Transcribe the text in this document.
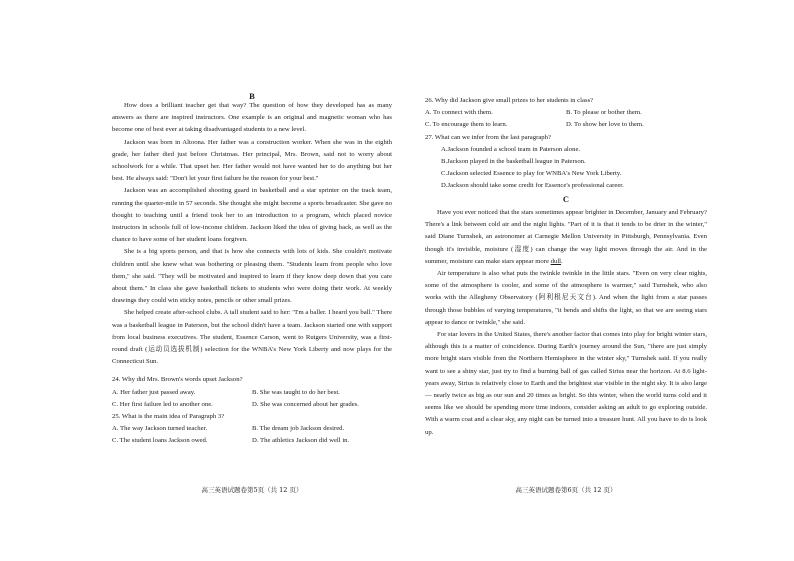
B

How does a brilliant teacher get that way? The question of how they developed has as many answers as there are inspired instructors. One example is an original and magnetic woman who has become one of best ever at taking disadvantaged students to a new level.

Jackson was born in Altoona. Her father was a construction worker. When she was in the eighth grade, her father died just before Christmas. Her principal, Mrs. Brown, said not to worry about schoolwork for a while. That upset her. Her father would not have wanted her to do anything but her best. He always said: "Don't let your first failure be the reason for your best."

Jackson was an accomplished shooting guard in basketball and a star sprinter on the track team, running the quarter-mile in 57 seconds. She thought she might become a sports broadcaster. She gave no thought to teaching until a friend took her to an introduction to a program, which placed novice instructors in schools full of low-income children. Jackson liked the idea of giving back, as well as the chance to have some of her student loans forgiven.

She is a big sports person, and that is how she connects with lots of kids. She couldn't motivate children until she knew what was bothering or pleasing them. "Students learn from people who love them," she said. "They will be motivated and inspired to learn if they know deep down that you care about them." In class she gave basketball tickets to students who were doing their work. At weekly drawings they could win sticky notes, pencils or other small prizes.

She helped create after-school clubs. A tall student said to her: "I'm a baller. I heard you ball." There was a basketball league in Paterson, but the school didn't have a team. Jackson started one with support from local business executives. The student, Essence Carson, went to Rutgers University, was a first-round draft (运动员选拔机制) selection for the WNBA's New York Liberty and now plays for the Connecticut Sun.

24. Why did Mrs. Brown's words upset Jackson?
A. Her father just passed away.	B. She was taught to do her best.
C. Her first failure led to another one.	D. She was concerned about her grades.
25. What is the main idea of Paragraph 3?
A. The way Jackson turned teacher.	B. The dream job Jackson desired.
C. The student loans Jackson owed.	D. The athletics Jackson did well in.
高三英语试题卷第5页（共 12 页）
26. Why did Jackson give small prizes to her students in class?
A. To connect with them.	B. To please or bother them.
C. To encourage them to learn.	D. To show her love to them.
27. What can we infer from the last paragraph?
A.Jackson founded a school team in Paterson alone.
B.Jackson played in the basketball league in Paterson.
C.Jackson selected Essence to play for WNBA's New York Liberty.
D.Jackson should take some credit for Essence's professional career.
C

Have you ever noticed that the stars sometimes appear brighter in December, January and February? There's a link between cold air and the night lights. "Part of it is that it tends to be drier in the winter," said Diane Turnshek, an astronomer at Carnegie Mellon University in Pittsburgh, Pennsylvania. Even though it's invisible, moisture (湿度) can change the way light moves through the air. And in the summer, moisture can make stars appear more dull.

Air temperature is also what puts the twinkle twinkle in the little stars. "Even on very clear nights, some of the atmosphere is cooler, and some of the atmosphere is warmer," said Turnshek, who also works with the Allegheny Observatory (阿利根尼天文台). And when the light from a star passes through those bubbles of varying temperatures, "it bends and shifts the light, so that we are seeing stars appear to dance or twinkle," she said.

For star lovers in the United States, there's another factor that comes into play for bright winter stars, although this is a matter of coincidence. During Earth's journey around the Sun, "there are just simply more bright stars visible from the Northern Hemisphere in the winter sky," Turnshek said. If you really want to see a shiny star, just try to find a burning ball of gas called Sirius near the horizon. At 8.6 light-years away, Sirius is relatively close to Earth and the brightest star visible in the night sky. It is also large — nearly twice as big as our sun and 20 times as bright. So this winter, when the world turns cold and it seems like we should be spending more time indoors, consider asking an adult to go exploring outside. With a warm coat and a clear sky, any night can be turned into a treasure hunt. All you have to do is look up.

高三英语试题卷第6页（共 12 页）
